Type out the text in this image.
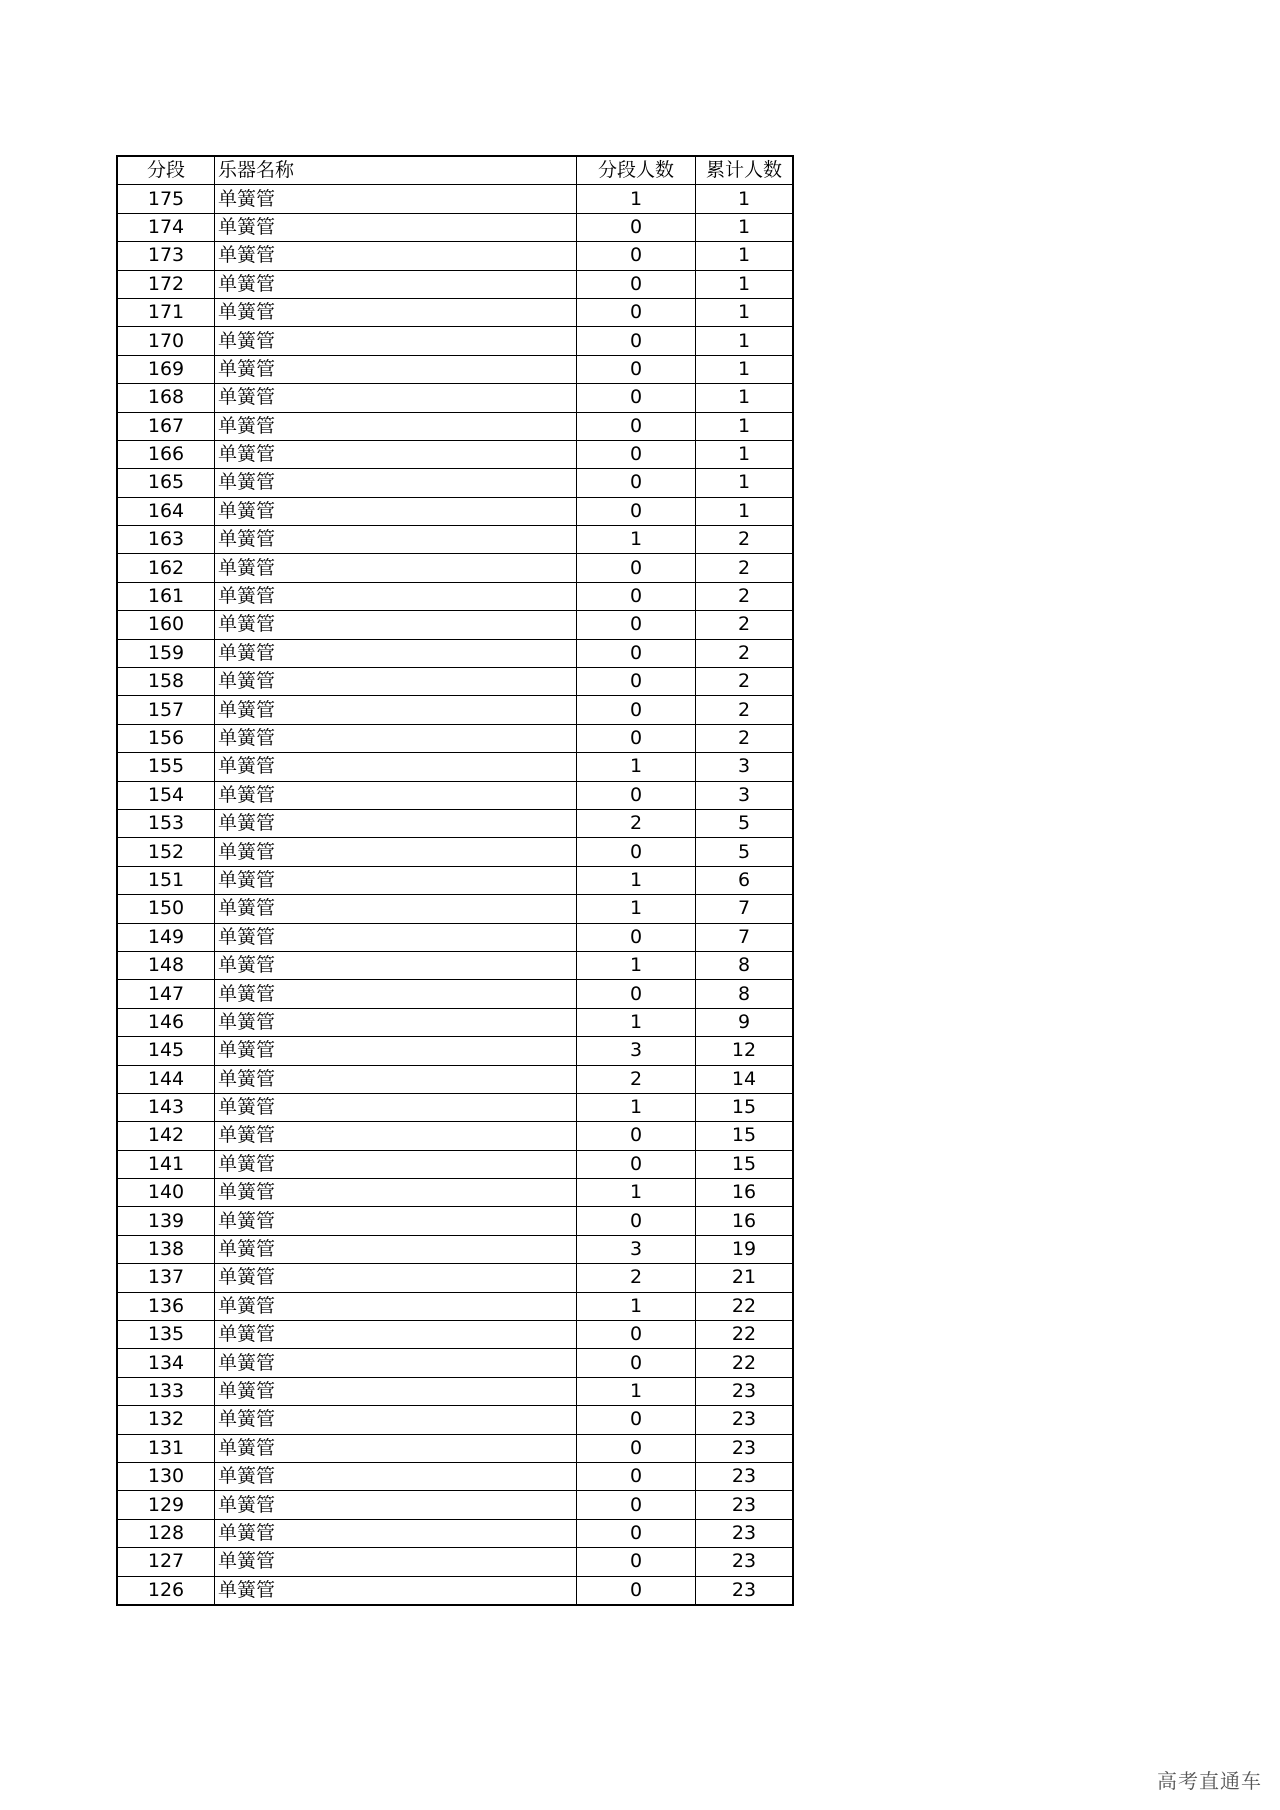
分段	乐器名称	分段人数	累计人数
175	单簧管	1	1
174	单簧管	0	1
173	单簧管	0	1
172	单簧管	0	1
171	单簧管	0	1
170	单簧管	0	1
169	单簧管	0	1
168	单簧管	0	1
167	单簧管	0	1
166	单簧管	0	1
165	单簧管	0	1
164	单簧管	0	1
163	单簧管	1	2
162	单簧管	0	2
161	单簧管	0	2
160	单簧管	0	2
159	单簧管	0	2
158	单簧管	0	2
157	单簧管	0	2
156	单簧管	0	2
155	单簧管	1	3
154	单簧管	0	3
153	单簧管	2	5
152	单簧管	0	5
151	单簧管	1	6
150	单簧管	1	7
149	单簧管	0	7
148	单簧管	1	8
147	单簧管	0	8
146	单簧管	1	9
145	单簧管	3	12
144	单簧管	2	14
143	单簧管	1	15
142	单簧管	0	15
141	单簧管	0	15
140	单簧管	1	16
139	单簧管	0	16
138	单簧管	3	19
137	单簧管	2	21
136	单簧管	1	22
135	单簧管	0	22
134	单簧管	0	22
133	单簧管	1	23
132	单簧管	0	23
131	单簧管	0	23
130	单簧管	0	23
129	单簧管	0	23
128	单簧管	0	23
127	单簧管	0	23
126	单簧管	0	23
高考直通车
